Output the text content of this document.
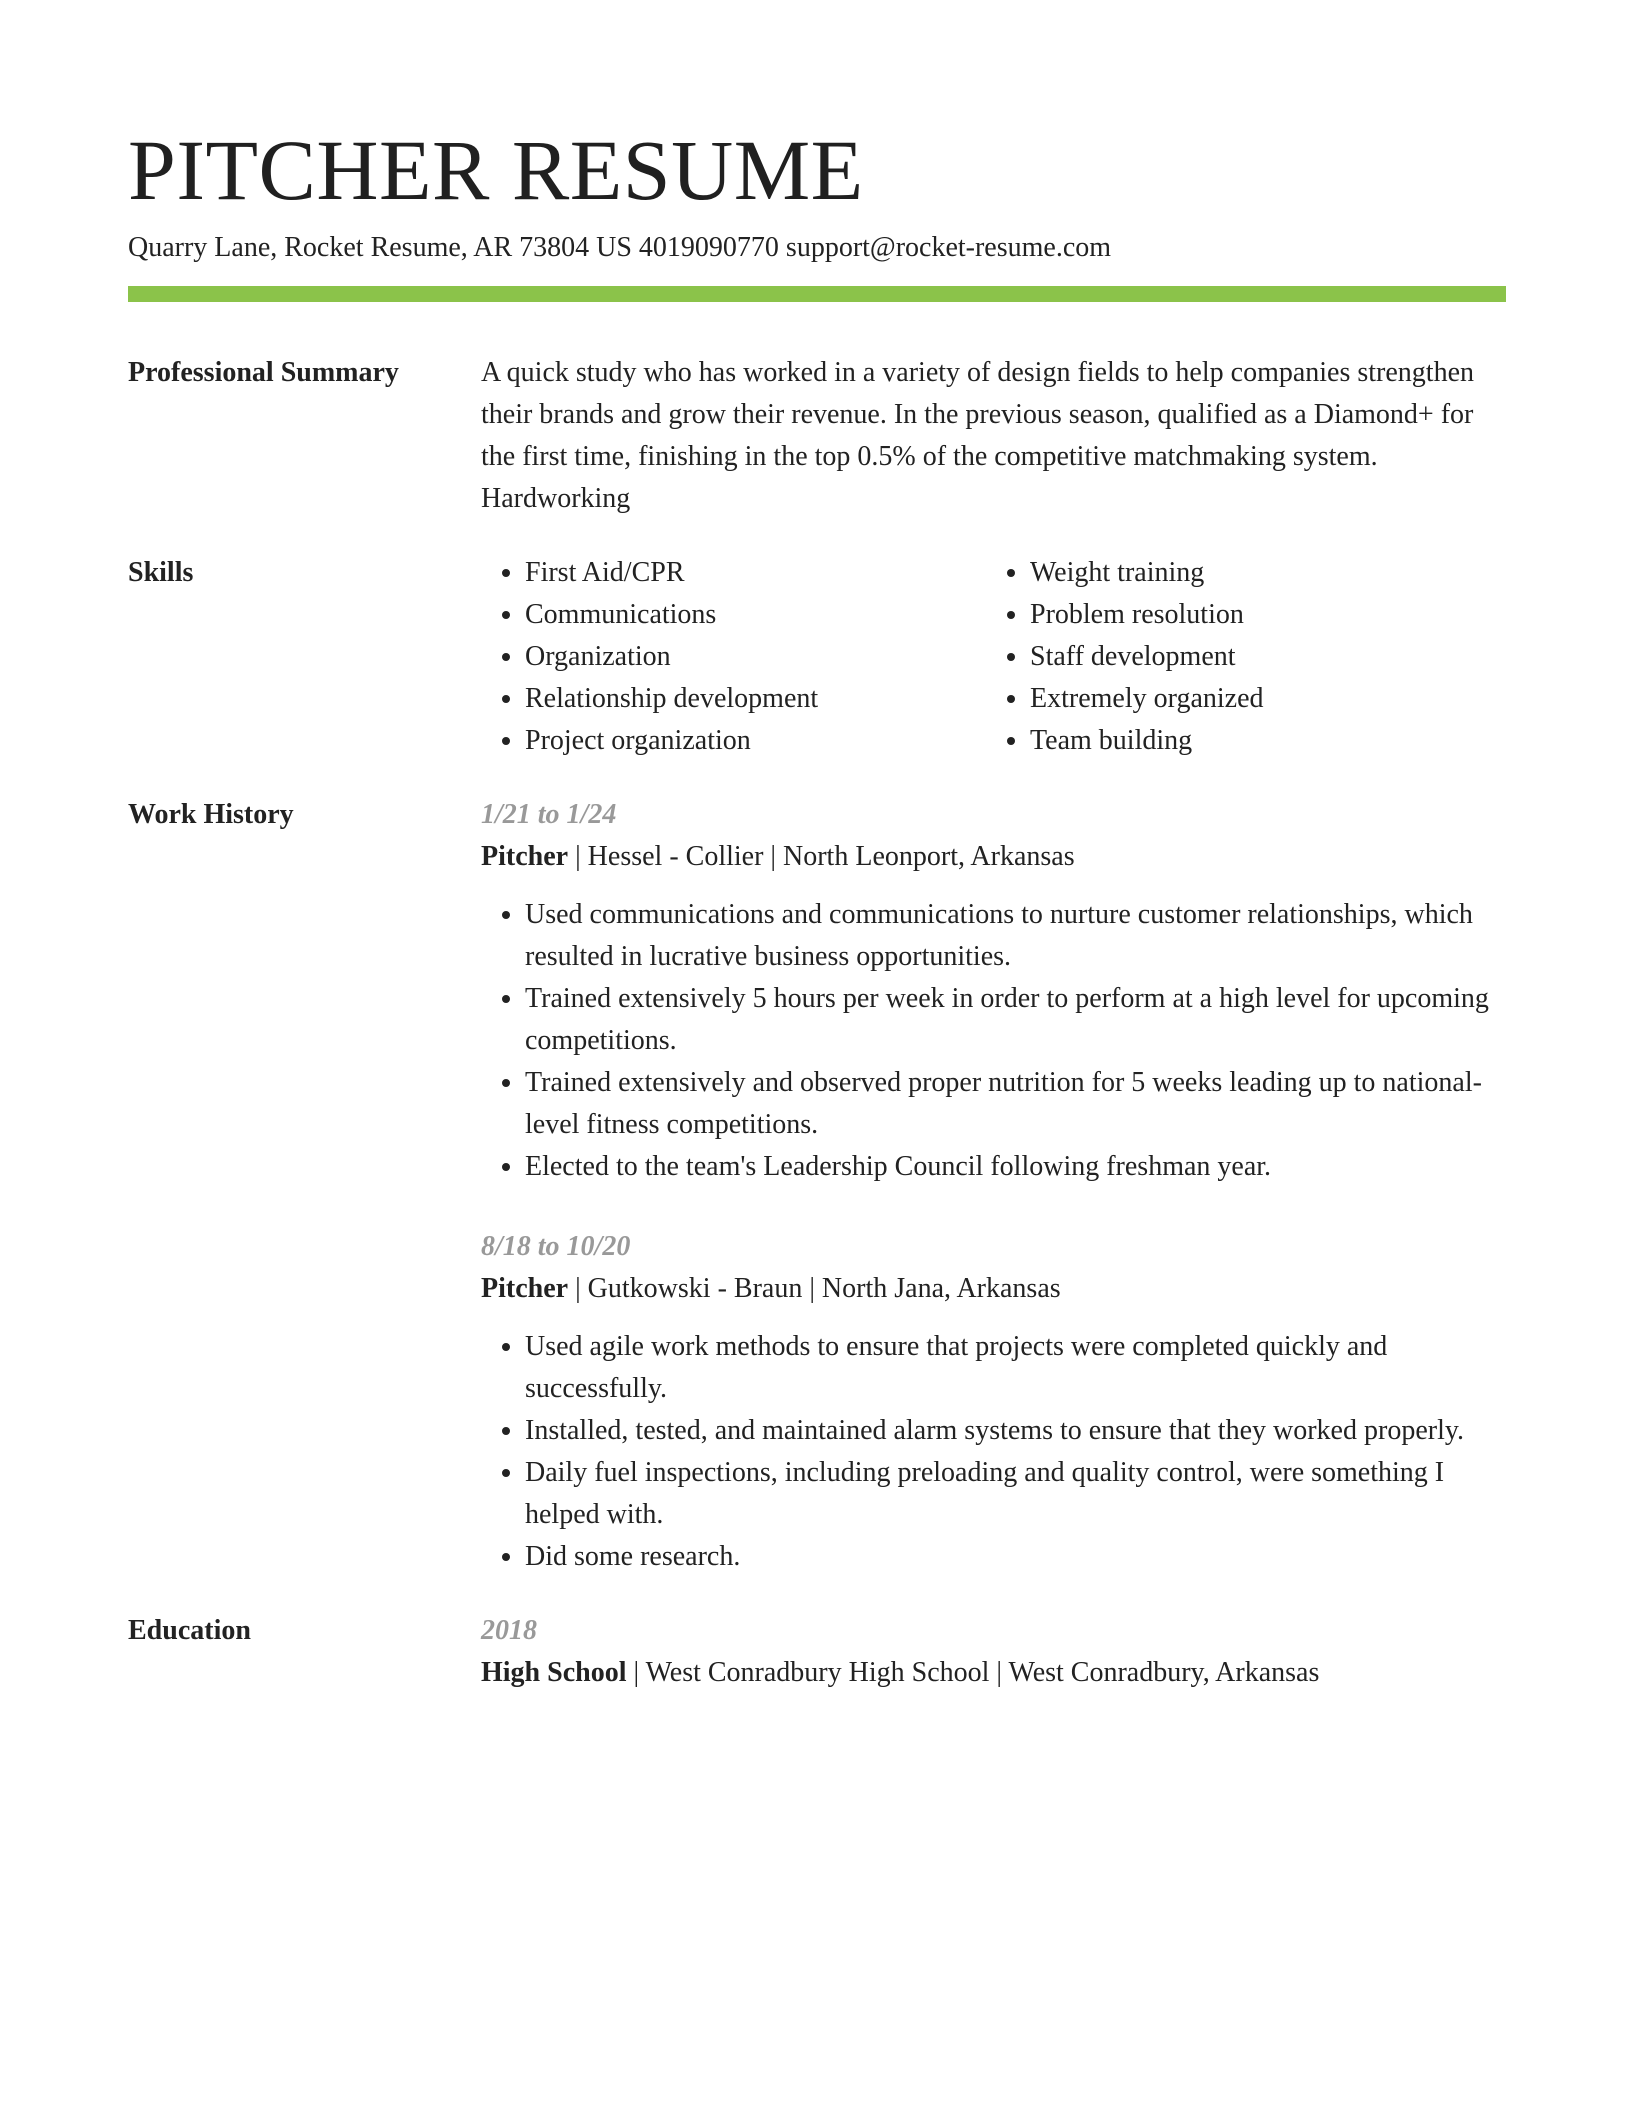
PITCHER RESUME
Quarry Lane, Rocket Resume, AR 73804 US 4019090770 support@rocket-resume.com
Professional Summary	A quick study who has worked in a variety of design fields to help companies strengthen their brands and grow their revenue. In the previous season, qualified as a Diamond+ for the first time, finishing in the top 0.5% of the competitive matchmaking system. Hardworking
Skills
•	First Aid/CPR
• Communications
• Organization
• Relationship development
• Project organization
• Weight training
• Problem resolution
• Staff development
• Extremely organized
• Team building
Work History	1/21 to 1/24
Pitcher | Hessel - Collier | North Leonport, Arkansas
• Used communications and communications to nurture customer relationships, which resulted in lucrative business opportunities.
• Trained extensively 5 hours per week in order to perform at a high level for upcoming competitions.
• Trained extensively and observed proper nutrition for 5 weeks leading up to national-level fitness competitions.
• Elected to the team's Leadership Council following freshman year.
8/18 to 10/20
Pitcher | Gutkowski - Braun | North Jana, Arkansas
• Used agile work methods to ensure that projects were completed quickly and successfully.
• Installed, tested, and maintained alarm systems to ensure that they worked properly.
• Daily fuel inspections, including preloading and quality control, were something I helped with.
• Did some research.
Education	2018
High School | West Conradbury High School | West Conradbury, Arkansas
